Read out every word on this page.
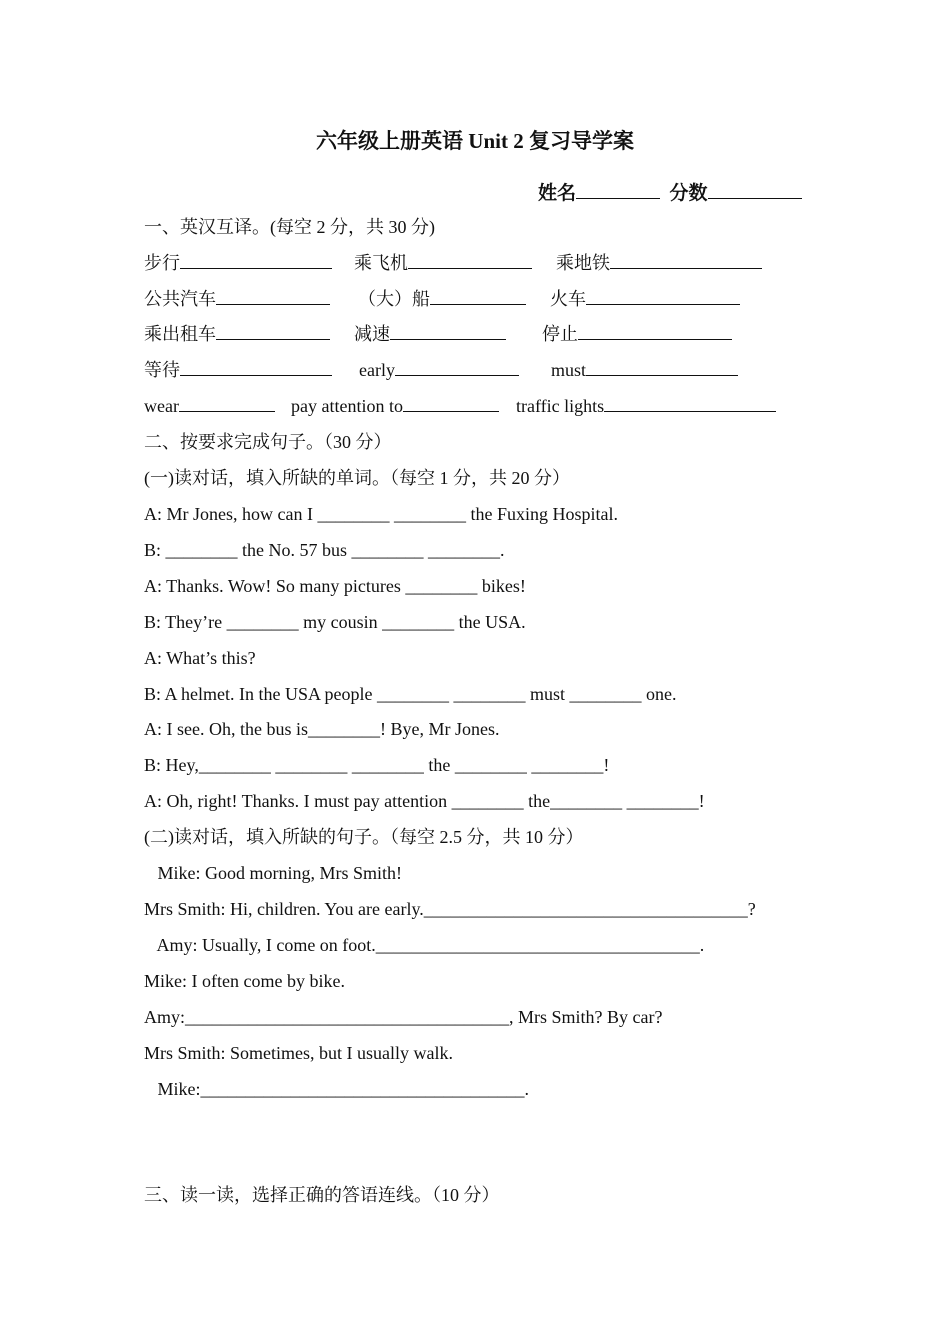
六年级上册英语 Unit 2 复习导学案
姓名	分数
一、英汉互译。(每空 2 分，共 30 分)
步行	乘飞机	乘地铁
公共汽车	（大）船	火车
乘出租车	减速	停止
等待	early	must
wear	pay attention to	traffic lights
二、按要求完成句子。（30 分）
(一)读对话，填入所缺的单词。（每空 1 分，共 20 分）
A: Mr Jones, how can I ________ ________ the Fuxing Hospital.
B: ________ the No. 57 bus ________ ________.
A: Thanks. Wow! So many pictures ________ bikes!
B: They’re ________ my cousin ________ the USA.
A: What’s this?
B: A helmet. In the USA people ________ ________ must ________ one.
A: I see. Oh, the bus is________! Bye, Mr Jones.
B: Hey,________ ________ ________ the ________ ________!
A: Oh, right! Thanks. I must pay attention ________ the________ ________!
(二)读对话，填入所缺的句子。（每空 2.5 分，共 10 分）
Mike: Good morning, Mrs Smith!
Mrs Smith: Hi, children. You are early.____________________________________?
Amy: Usually, I come on foot.____________________________________.
Mike: I often come by bike.
Amy:____________________________________, Mrs Smith? By car?
Mrs Smith: Sometimes, but I usually walk.
Mike:____________________________________.
三、读一读，选择正确的答语连线。（10 分）
